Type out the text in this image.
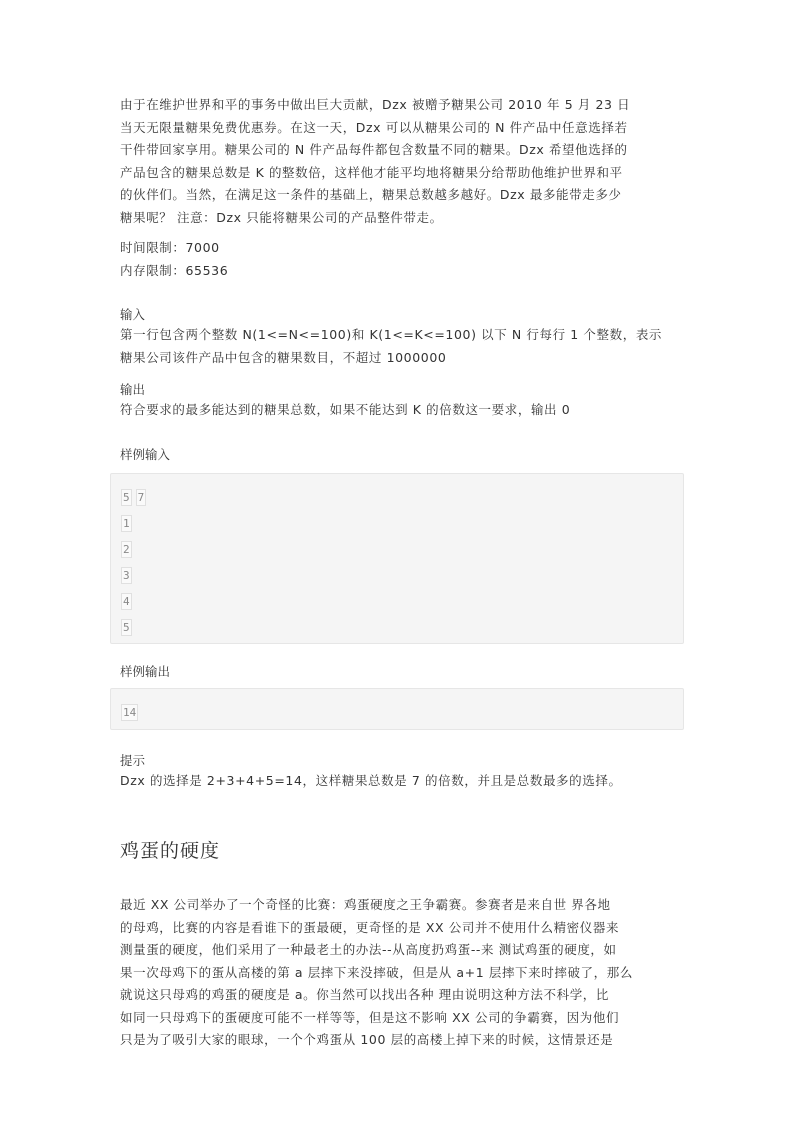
由于在维护世界和平的事务中做出巨大贡献，Dzx 被赠予糖果公司 2010 年 5 月 23 日
当天无限量糖果免费优惠券。在这一天，Dzx 可以从糖果公司的 N 件产品中任意选择若
干件带回家享用。糖果公司的 N 件产品每件都包含数量不同的糖果。Dzx 希望他选择的
产品包含的糖果总数是 K 的整数倍，这样他才能平均地将糖果分给帮助他维护世界和平
的伙伴们。当然，在满足这一条件的基础上，糖果总数越多越好。Dzx 最多能带走多少
糖果呢？ 注意：Dzx 只能将糖果公司的产品整件带走。
时间限制：7000
内存限制：65536

输入

第一行包含两个整数 N(1<=N<=100)和 K(1<=K<=100) 以下 N 行每行 1 个整数，表示
糖果公司该件产品中包含的糖果数目，不超过 1000000

输出

符合要求的最多能达到的糖果总数，如果不能达到 K 的倍数这一要求，输出 0

样例输入

5 7
1
2
3
4
5

样例输出

14

提示

Dzx 的选择是 2+3+4+5=14，这样糖果总数是 7 的倍数，并且是总数最多的选择。
鸡蛋的硬度
最近 XX 公司举办了一个奇怪的比赛：鸡蛋硬度之王争霸赛。参赛者是来自世 界各地
的母鸡，比赛的内容是看谁下的蛋最硬，更奇怪的是 XX 公司并不使用什么精密仪器来
测量蛋的硬度，他们采用了一种最老土的办法--从高度扔鸡蛋--来 测试鸡蛋的硬度，如
果一次母鸡下的蛋从高楼的第 a 层摔下来没摔破，但是从 a+1 层摔下来时摔破了，那么
就说这只母鸡的鸡蛋的硬度是 a。你当然可以找出各种 理由说明这种方法不科学，比
如同一只母鸡下的蛋硬度可能不一样等等，但是这不影响 XX 公司的争霸赛，因为他们
只是为了吸引大家的眼球，一个个鸡蛋从 100 层的高楼上掉下来的时候，这情景还是
